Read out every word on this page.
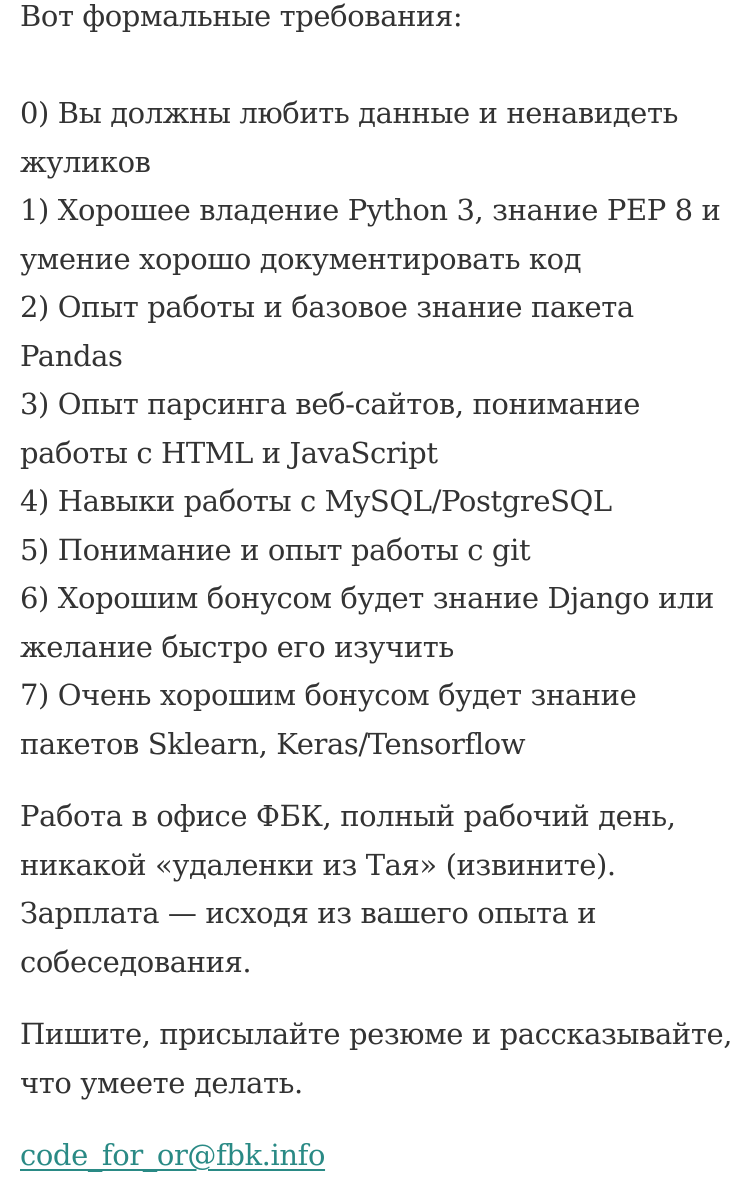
Вот формальные требования:
0) Вы должны любить данные и ненавидеть
жуликов
1) Хорошее владение Python 3, знание PEP 8 и
умение хорошо документировать код
2) Опыт работы и базовое знание пакета
Pandas
3) Опыт парсинга веб-сайтов, понимание
работы с HTML и JavaScript
4) Навыки работы с MySQL/PostgreSQL
5) Понимание и опыт работы с git
6) Хорошим бонусом будет знание Django или
желание быстро его изучить
7) Очень хорошим бонусом будет знание
пакетов Sklearn, Keras/Tensorflow
Работа в офисе ФБК, полный рабочий день,
никакой «удаленки из Тая» (извините).
Зарплата — исходя из вашего опыта и
собеседования.
Пишите, присылайте резюме и рассказывайте,
что умеете делать.
code_for_or@fbk.info
